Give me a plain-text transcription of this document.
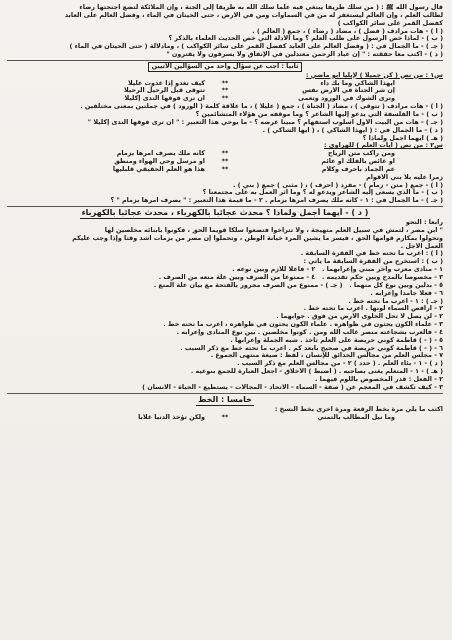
قال رسول الله ﷺ : ( من سلك طريقا يبتغي فيه علما سلك الله به طريقا إلى الجنة ، وإن الملائكة لتضع أجنحتها رضاء
لطالب العلم ، وإن العالم ليستغفر له من في السماوات ومن في الأرض ، حتى الحيتان في الماء ، وفضل العالم على العابد
كفضل القمر على سائر الكواكب )
( أ ) - هات مرادف ( فضل ) ، مضاد ( رضاء ) ، جمع ( العالم ) .
( ب ) - لماذا خص الرسول على طلب العلم ؟ وما الأدلة التي خص الحديث العلماء بالذكر ؟
( جـ ) - ما الجمال في : ( وفضل العالم على العابد كفضل القمر على سائر الكواكب ) ، ومادلالة ( حتى الحيتان في الماء )
( د ) - اكتب معا حققته : " إن عباد الرحمن معتدلين في الإنفاق ولا يسرفون ولا يقترون "
ثانيا : أجب عن سؤال واحد من السؤالين الآتيين
س١ : من نص ( كن جميلا ) لإيليا أبو ماضي :
أيهذا الشاكي وما بك داء
**
كيف تغدو إذا غدوت عليلا
إن شر الجناة في الأرض نفس
**
تتوقى قبل الرحيل الرحيلا
وترى الشوك في الورود وتعمى
**
أن ترى فوقها الندى إكليلا
( أ ) - هات مرادف ( تتوقى ) ، مضاد ( الجناة ) ، جمع ( عليلا ) ، ما علاقة كلمة ( الورود ) في جملتين بمعنى مختلفين .
( ب ) - ما الفلسفة التي يدعو إليها الشاعر ؟ وما موقفه من هؤلاء المتشائمين ؟
( جـ ) - هات من البيت الأول أسلوب استفهام ؟ مبينا غرضه ؟ - ما يوحي هذا التعبير : " أن ترى فوقها الندى إكليلا "
( د ) - ما الجمال في : ( أيهذا الشاكي ) ، ( أيها الشاكي ) .
( هـ ) أيهما أجمل ولماذا ؟
س٢ : من نص ( آيات العلم ) للهراوي :
ومن راكب متن الرياح
**
كأنه ملك يصرف أمرها بزمام
أو غائص بالفلك أو عائم
**
أو مرسل وحي الهواء ومنطق
عم الجماد بأحرف وكلام
**
هذا هو العلم الحقيقي قلبليها
زمرا عليه بلا بني الأقوام
( أ ) - جمع ( متن - زمام ) - مفرد ( أحرف ) ، ( مثنى ) جمع ( بني ) .
( ب ) - ما الذي يسعى إليه الشاعر ويدعو له ؟ وما أثر العمل به على مجتمعنا ؟
( جـ ) - ما الجمال في : ١ - كأنه ملك يصرف أمرها بزمام . ٢ - ما قيمة هذا التعبير : " يصرف أمرها بزمام " ؟
( د ) - أيهما أجمل ولماذا ؟ محدث عجائبا بالكهرباء ، محدث عجائبا بالكهرباء
رابعا : النحو
" ابن مصر ، لتمش في سبيل العلم متهيجة ، ولا تتراخوا فتضعوا سلكا قويما الحق ، فكونوا بأبنائه مخلصين لها
وتحولوا بمكارم قوامها الحق ، فيسر ما يشين المرء خيانة الوطن ، وتحملوا إن مصر من بزمات أشد وقتا وإذا وجب عليكم
العمل الأجل .
( أ ) : أعرب ما تحته خط في الفقرة السابقة .
( ب ) : استخرج من الفقرة السابقة ما يأتي :
١ - منادى معرب وآخر مبني وإعرابهما .   ٢ - فاعلا للازم وبين نوعه .
٣ - مخصوصا بالمدح وبين حكم تقديمه .   ٤ - ممنوعا من الصرف وبين علة منعه من الصرف .
٥ - بدلين وبين نوع كل منهما .   ( جـ ) - ممنوع من الصرف مجرور بالفتحة مع بيان علة المنع .
٦ - فعلا جامدا وإعرابه .
( جـ ) : ١ - أعرب ما تحته خط .
٢ - أراقص السماء لونها . اعرب ما تحته خط .
٢ - لن يصل لا تحل الحلوى الأرض من فوق . جوابهما .
٣ - علماء الكون يحثون في ظواهره . علماء الكون يحثون في ظواهره ، اعرب ما تحته خط .
٤ - فالعرب بشجاعته منصر غالب الله ومن . كونوا مخلصين . بين نوع المنادى وإعرابه .
٥ - ( - ) قاطمة كوني حريصة على العلم تأخذ . شبه الجملة وإعرابها .
٦ - ( - ) قاطمة كوني حريصة في صحيح بأبعد كم . اعرب ما تحته خط مع ذكر السبب .
٧ - مجلس العلم من مجالس الحدائق للإنسان ، لفظ : صيغة منتهى الجموع .
( د ) - ١ - بئاء العلم . ( حدد ) ٢ - من مجالس العلم مع ذكر السبب .
( هـ ) - ١ - المتعلم يغنى بصاحبه . ( اضبط ) الأخلاق - اجعل العبارة للجمع بنوعيه .
٢ - الفعل : قدر المخصوص باللوم فيهما .
٣ - كيف تكشف في المعجم عن ( صفة - السماء - الاتحاد - المجالات - يستطيع - الحياة - الانسان )
خامسا : الخط
اكتب ما يلي مرة بخط الرقعة ومرة أخرى بخط النسخ :
وما نيل المطالب بالتمني
**
ولكن تؤخذ الدنيا غلابا
